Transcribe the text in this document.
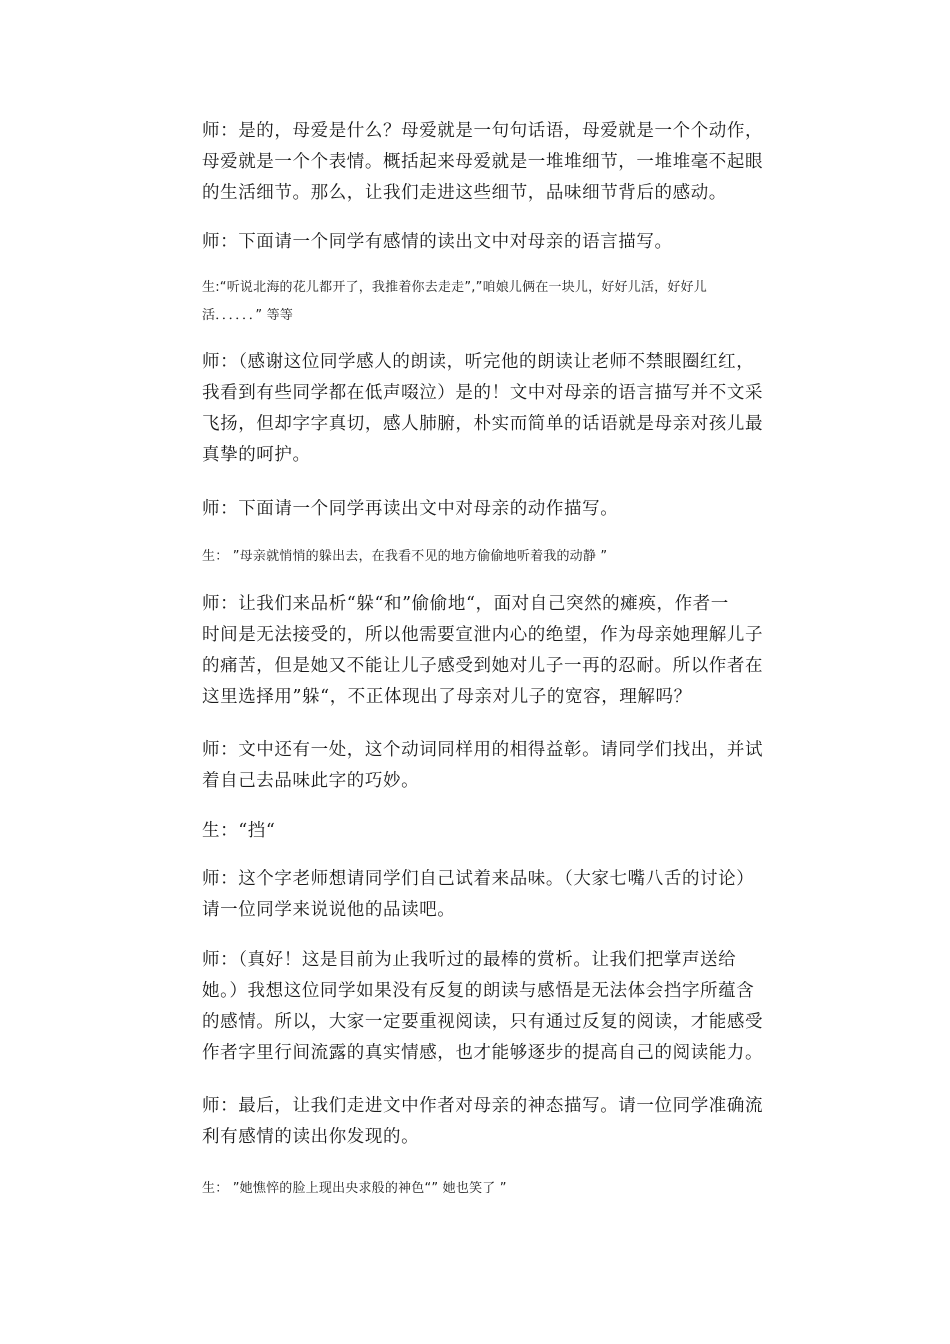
师：是的，母爱是什么？母爱就是一句句话语，母爱就是一个个动作，
母爱就是一个个表情。概括起来母爱就是一堆堆细节，一堆堆毫不起眼
的生活细节。那么，让我们走进这些细节，品味细节背后的感动。

师：下面请一个同学有感情的读出文中对母亲的语言描写。

生:“听说北海的花儿都开了，我推着你去走走”,”咱娘儿俩在一块儿，好好儿活，好好儿
活．．．．．．” 等等

师：（感谢这位同学感人的朗读，听完他的朗读让老师不禁眼圈红红，
我看到有些同学都在低声啜泣）是的！文中对母亲的语言描写并不文采
飞扬，但却字字真切，感人肺腑，朴实而简单的话语就是母亲对孩儿最
真挚的呵护。

师：下面请一个同学再读出文中对母亲的动作描写。

生： ”母亲就悄悄的躲出去，在我看不见的地方偷偷地听着我的动静 ”

师：让我们来品析“躲“和”偷偷地“，面对自己突然的瘫痪，作者一
时间是无法接受的，所以他需要宣泄内心的绝望，作为母亲她理解儿子
的痛苦，但是她又不能让儿子感受到她对儿子一再的忍耐。所以作者在
这里选择用”躲“，不正体现出了母亲对儿子的宽容，理解吗？

师：文中还有一处，这个动词同样用的相得益彰。请同学们找出，并试
着自己去品味此字的巧妙。

生：“挡“

师：这个字老师想请同学们自己试着来品味。（大家七嘴八舌的讨论）
请一位同学来说说他的品读吧。

师：（真好！这是目前为止我听过的最棒的赏析。让我们把掌声送给
她。）我想这位同学如果没有反复的朗读与感悟是无法体会挡字所蕴含
的感情。所以，大家一定要重视阅读，只有通过反复的阅读，才能感受
作者字里行间流露的真实情感，也才能够逐步的提高自己的阅读能力。

师：最后，让我们走进文中作者对母亲的神态描写。请一位同学准确流
利有感情的读出你发现的。

生： ”她憔悴的脸上现出央求般的神色“” 她也笑了 ”
